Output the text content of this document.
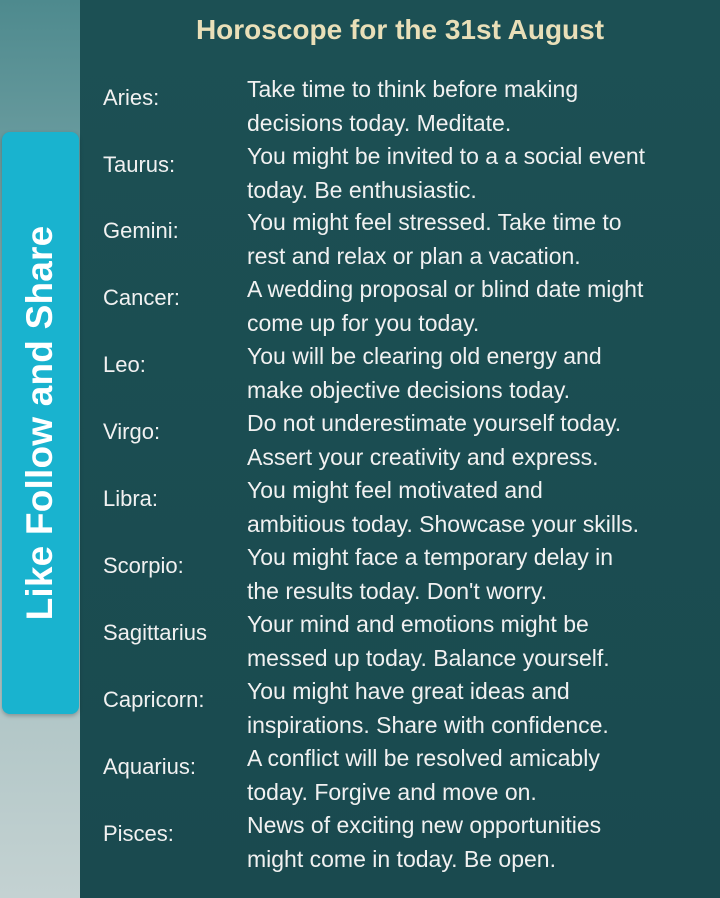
Like Follow and Share
Horoscope for the 31st August
Aries:	Take time to think before making
decisions today. Meditate.
Taurus:	You might be invited to a a social event
today. Be enthusiastic.
Gemini:	You might feel stressed. Take time to
rest and relax or plan a vacation.
Cancer:	A wedding proposal or blind date might
come up for you today.
Leo:	You will be clearing old energy and
make objective decisions today.
Virgo:	Do not underestimate yourself today.
Assert your creativity and express.
Libra:	You might feel motivated and
ambitious today. Showcase your skills.
Scorpio:	You might face a temporary delay in
the results today. Don't worry.
Sagittarius Your mind and emotions might be
messed up today. Balance yourself.
Capricorn: You might have great ideas and
inspirations. Share with confidence.
Aquarius: A conflict will be resolved amicably
today. Forgive and move on.
Pisces:	News of exciting new opportunities
might come in today. Be open.
